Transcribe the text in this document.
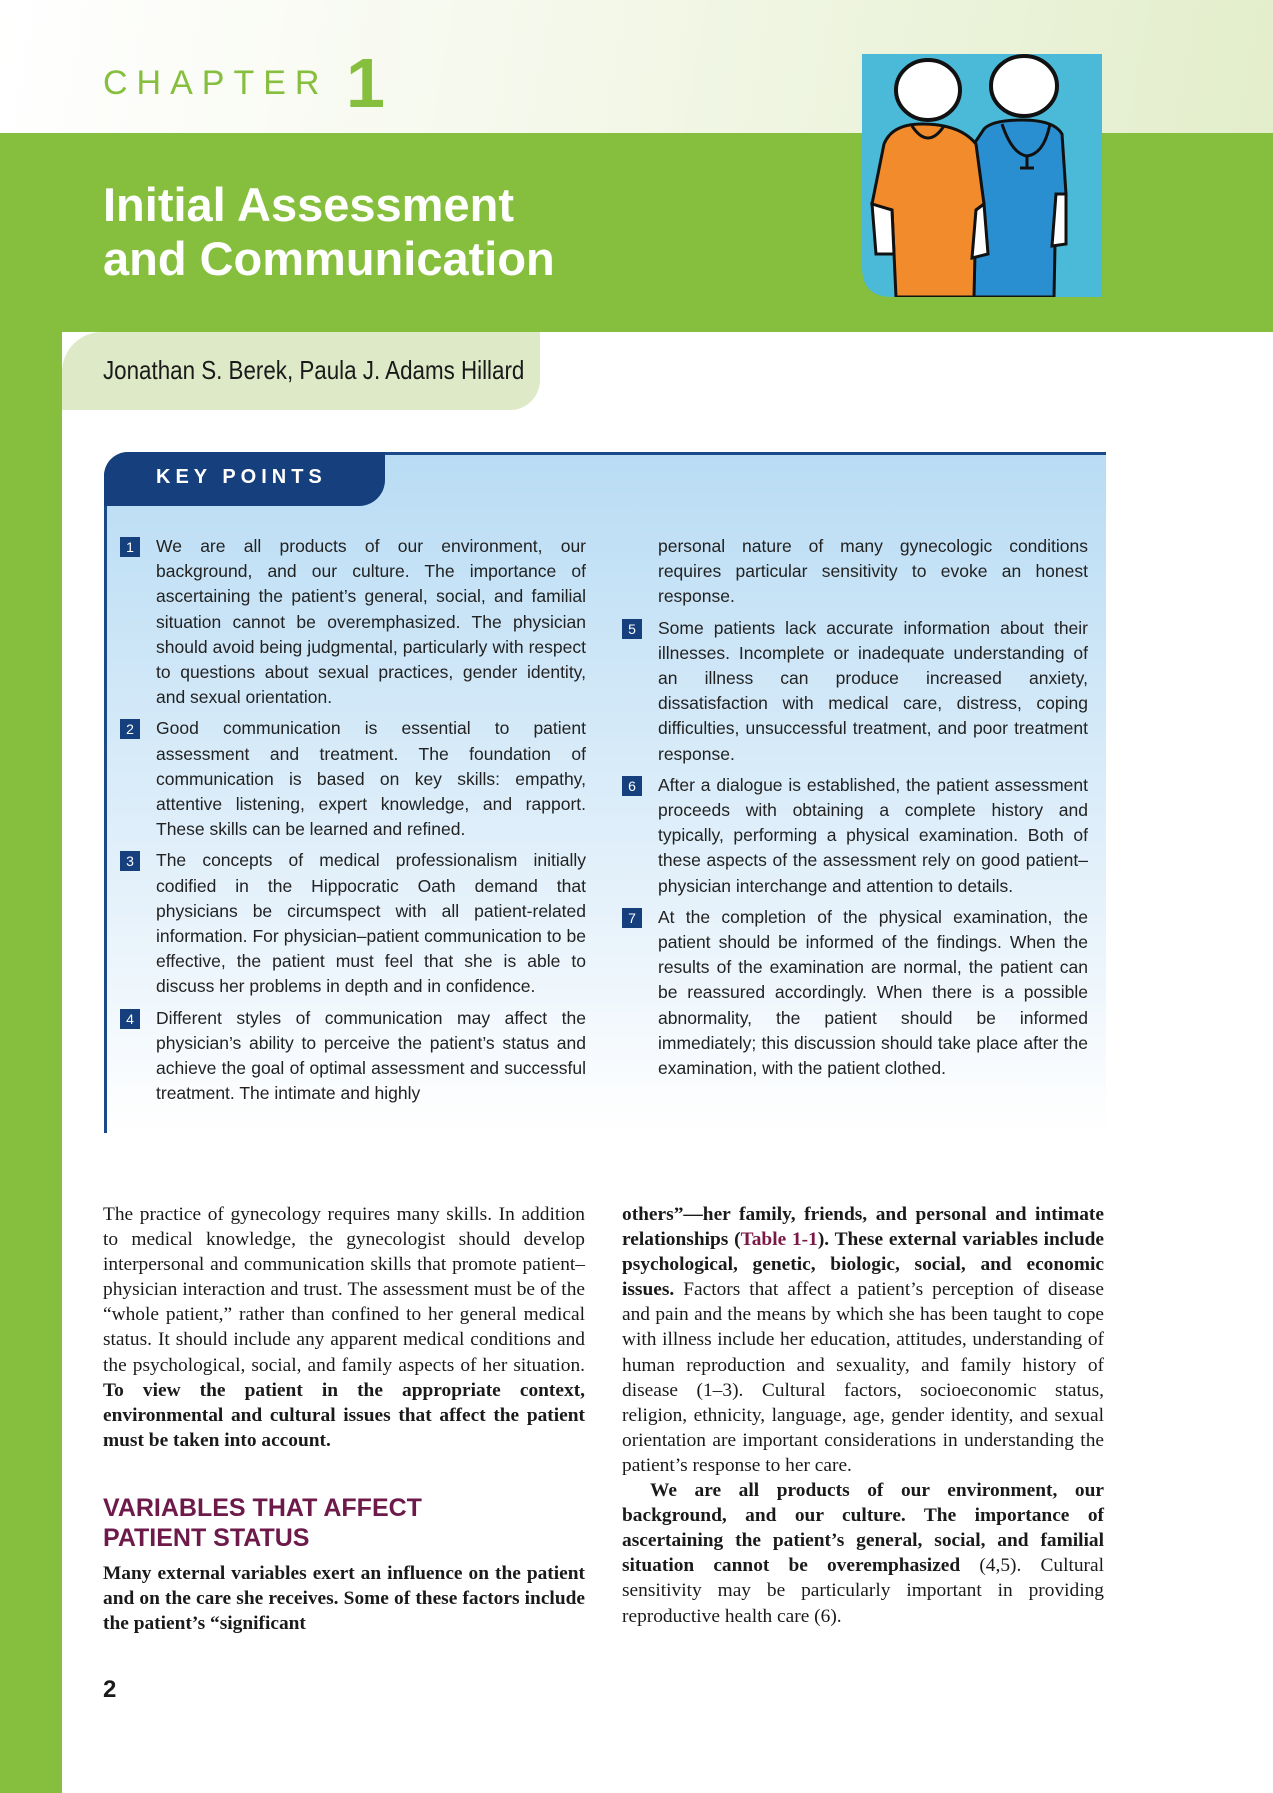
CHAPTER 1
Initial Assessment
and Communication
Jonathan S. Berek, Paula J. Adams Hillard
KEY POINTS
1	We are all products of our environment, our background, and our culture. The importance of ascertaining the patient’s general, social, and familial situation cannot be overemphasized. The physician should avoid being judgmental, particularly with respect to questions about sexual practices, gender identity, and sexual orientation.
2	Good communication is essential to patient assessment and treatment. The foundation of communication is based on key skills: empathy, attentive listening, expert knowledge, and rapport. These skills can be learned and refined.
3	The concepts of medical professionalism initially codified in the Hippocratic Oath demand that physicians be circumspect with all patient-related information. For physician–patient communication to be effective, the patient must feel that she is able to discuss her problems in depth and in confidence.
4	Different styles of communication may affect the physician’s ability to perceive the patient’s status and achieve the goal of optimal assessment and successful treatment. The intimate and highly
personal nature of many gynecologic conditions requires particular sensitivity to evoke an honest response.
5	Some patients lack accurate information about their illnesses. Incomplete or inadequate understanding of an illness can produce increased anxiety, dissatisfaction with medical care, distress, coping difficulties, unsuccessful treatment, and poor treatment response.
6	After a dialogue is established, the patient assessment proceeds with obtaining a complete history and typically, performing a physical examination. Both of these aspects of the assessment rely on good patient–physician interchange and attention to details.
7	At the completion of the physical examination, the patient should be informed of the findings. When the results of the examination are normal, the patient can be reassured accordingly. When there is a possible abnormality, the patient should be informed immediately; this discussion should take place after the examination, with the patient clothed.

The practice of gynecology requires many skills. In addition to medical knowledge, the gynecologist should develop interpersonal and communication skills that promote patient–physician interaction and trust. The assessment must be of the “whole patient,” rather than confined to her general medical status. It should include any apparent medical conditions and the psychological, social, and family aspects of her situation. To view the patient in the appropriate context, environmental and cultural issues that affect the patient must be taken into account.

VARIABLES THAT AFFECT
PATIENT STATUS

Many external variables exert an influence on the patient and on the care she receives. Some of these factors include the patient’s “significant

others”—her family, friends, and personal and intimate relationships (Table 1-1). These external variables include psychological, genetic, biologic, social, and economic issues. Factors that affect a patient’s perception of disease and pain and the means by which she has been taught to cope with illness include her education, attitudes, understanding of human reproduction and sexuality, and family history of disease (1–3). Cultural factors, socioeconomic status, religion, ethnicity, language, age, gender identity, and sexual orientation are important considerations in understanding the patient’s response to her care.

We are all products of our environment, our background, and our culture. The importance of ascertaining the patient’s general, social, and familial situation cannot be overemphasized (4,5). Cultural sensitivity may be particularly important in providing reproductive health care (6).

2
